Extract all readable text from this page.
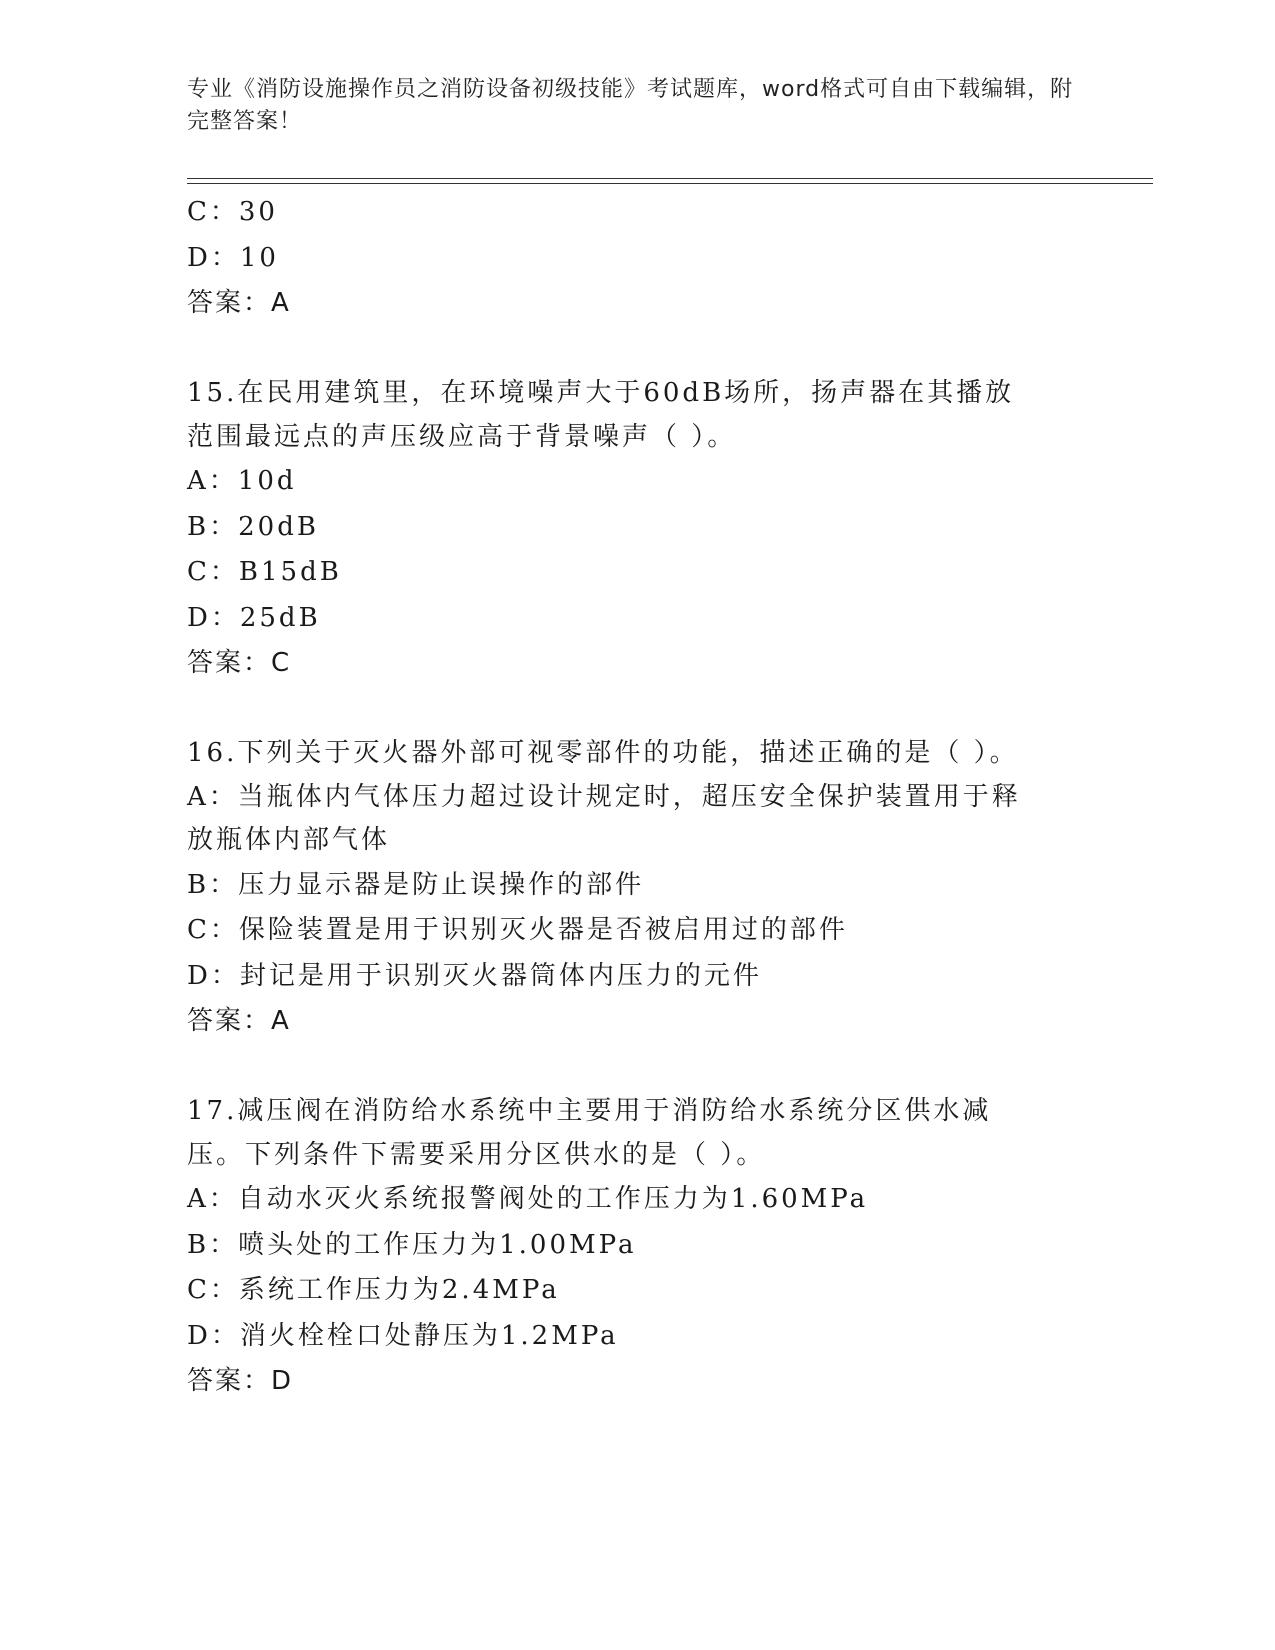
专业《消防设施操作员之消防设备初级技能》考试题库，word格式可自由下载编辑，附完整答案！
C：30
D：10
答案：A
15.在民用建筑里，在环境噪声大于60dB场所，扬声器在其播放范围最远点的声压级应高于背景噪声（ ）。
A：10d
B：20dB
C：B15dB
D：25dB
答案：C
16.下列关于灭火器外部可视零部件的功能，描述正确的是（ ）。
A：当瓶体内气体压力超过设计规定时，超压安全保护装置用于释放瓶体内部气体
B：压力显示器是防止误操作的部件
C：保险装置是用于识别灭火器是否被启用过的部件
D：封记是用于识别灭火器筒体内压力的元件
答案：A
17.减压阀在消防给水系统中主要用于消防给水系统分区供水减压。下列条件下需要采用分区供水的是（ ）。
A：自动水灭火系统报警阀处的工作压力为1.60MPa
B：喷头处的工作压力为1.00MPa
C：系统工作压力为2.4MPa
D：消火栓栓口处静压为1.2MPa
答案：D
